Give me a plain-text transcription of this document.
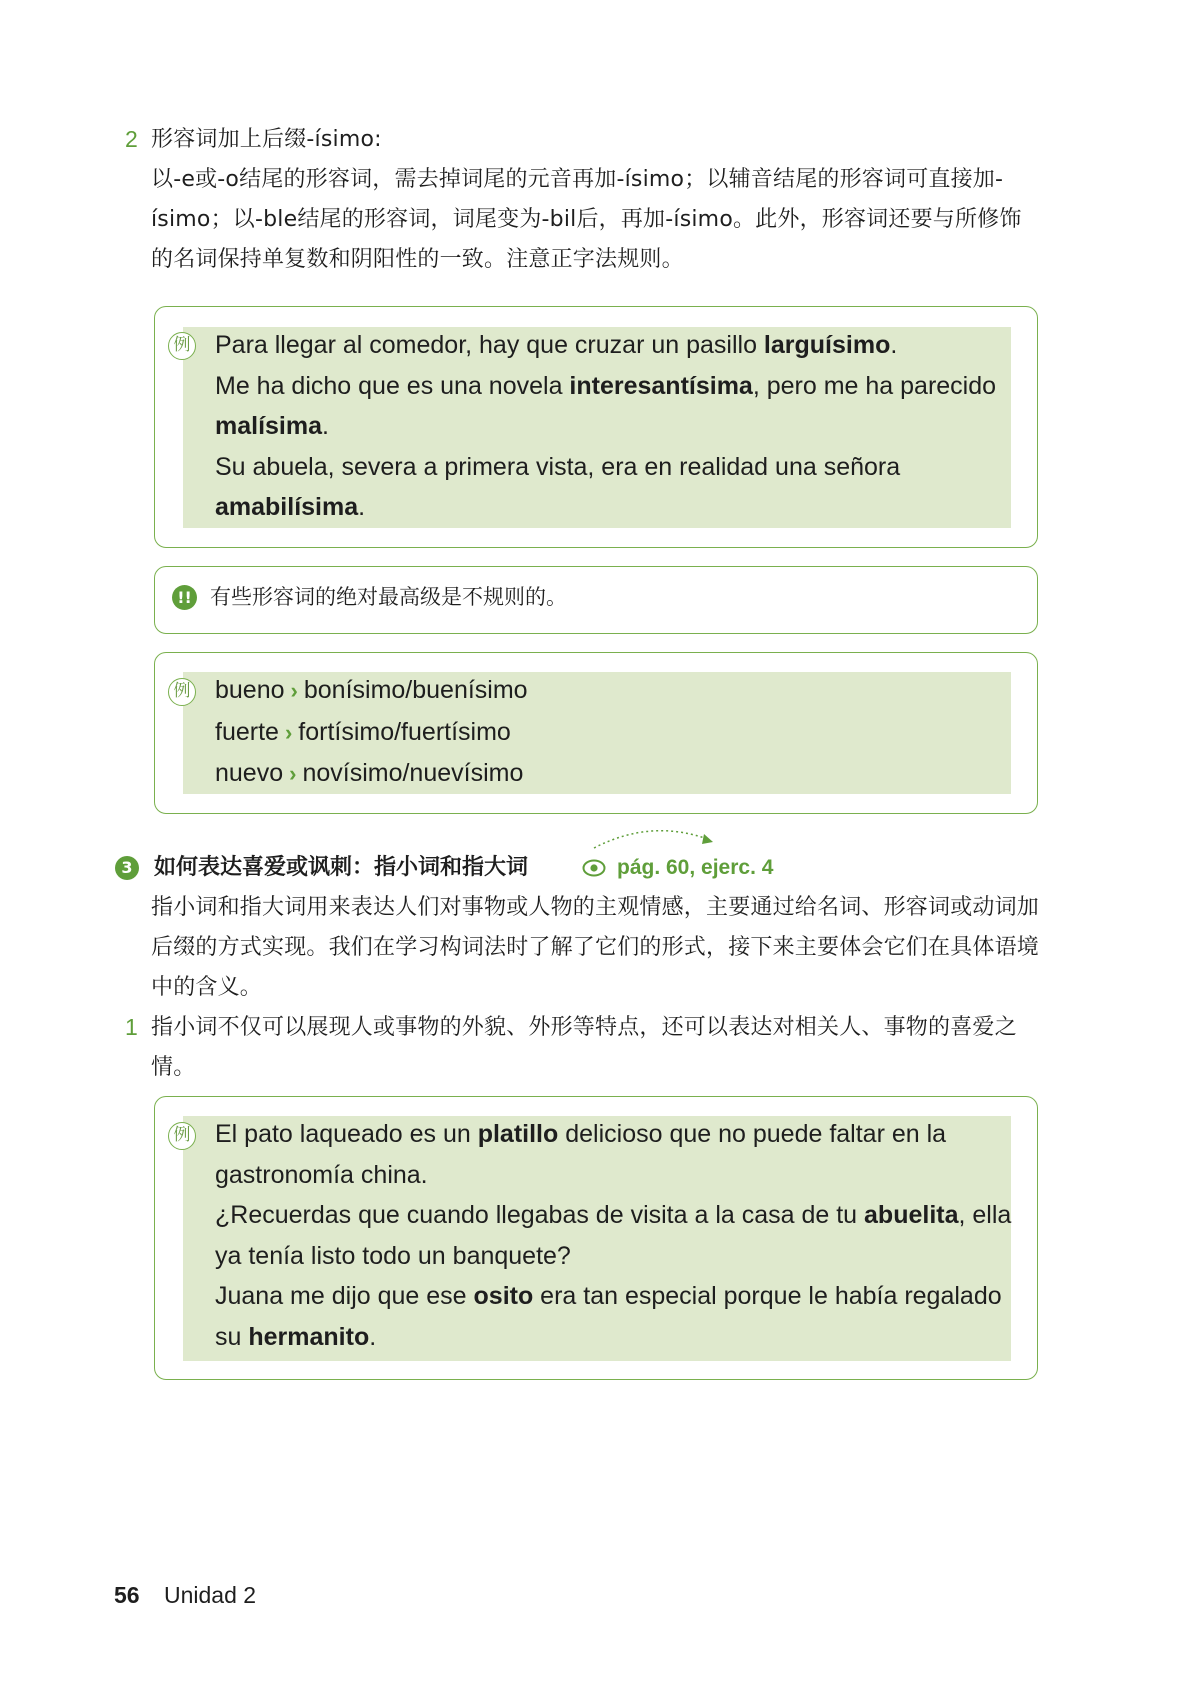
2 形容词加上后缀-ísimo:
以-e或-o结尾的形容词，需去掉词尾的元音再加-ísimo；以辅音结尾的形容词可直接加-ísimo；以-ble结尾的形容词，词尾变为-bil后，再加-ísimo。此外，形容词还要与所修饰的名词保持单复数和阴阳性的一致。注意正字法规则。
例 Para llegar al comedor, hay que cruzar un pasillo larguísimo.
Me ha dicho que es una novela interesantísima, pero me ha parecido malísima.
Su abuela, severa a primera vista, era en realidad una señora amabilísima.
!! 有些形容词的绝对最高级是不规则的。
例 bueno › bonísimo/buenísimo
fuerte › fortísimo/fuertísimo
nuevo › novísimo/nuevísimo
3 如何表达喜爱或讽刺：指小词和指大词	pág. 60, ejerc. 4
指小词和指大词用来表达人们对事物或人物的主观情感，主要通过给名词、形容词或动词加后缀的方式实现。我们在学习构词法时了解了它们的形式，接下来主要体会它们在具体语境中的含义。
1 指小词不仅可以展现人或事物的外貌、外形等特点，还可以表达对相关人、事物的喜爱之情。
例 El pato laqueado es un platillo delicioso que no puede faltar en la gastronomía china.
¿Recuerdas que cuando llegabas de visita a la casa de tu abuelita, ella ya tenía listo todo un banquete?
Juana me dijo que ese osito era tan especial porque le había regalado su hermanito.
56 Unidad 2
